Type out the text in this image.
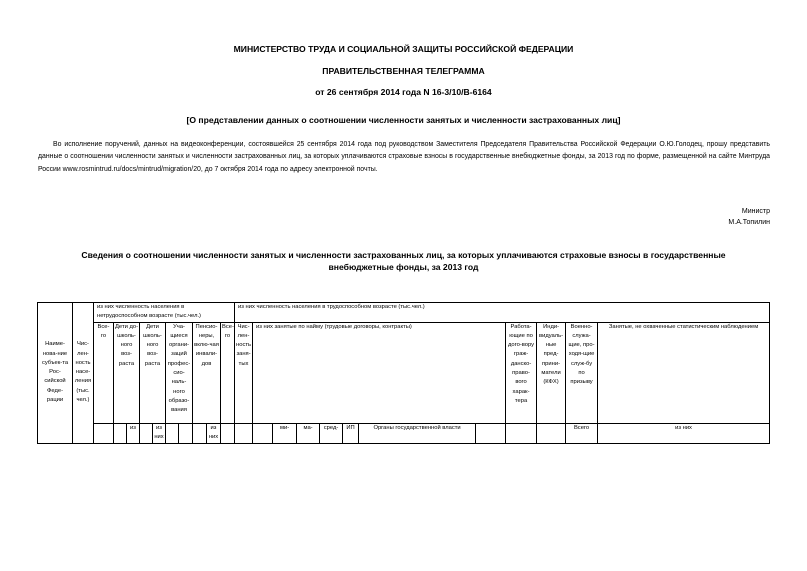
МИНИСТЕРСТВО ТРУДА И СОЦИАЛЬНОЙ ЗАЩИТЫ РОССИЙСКОЙ ФЕДЕРАЦИИ
ПРАВИТЕЛЬСТВЕННАЯ ТЕЛЕГРАММА
от 26 сентября 2014 года N 16-3/10/В-6164
[О представлении данных о соотношении численности занятых и численности застрахованных лиц]
Во исполнение поручений, данных на видеоконференции, состоявшейся 25 сентября 2014 года под руководством Заместителя Председателя Правительства Российской Федерации О.Ю.Голодец, прошу представить данные о соотношении численности занятых и численности застрахованных лиц, за которых уплачиваются страховые взносы в государственные внебюджетные фонды, за 2013 год по форме, размещенной на сайте Минтруда России www.rosmintrud.ru/docs/mintrud/migration/20, до 7 октября 2014 года по адресу электронной почты.
Министр
М.А.Топилин
Сведения о соотношении численности занятых и численности застрахованных лиц, за которых уплачиваются страховые взносы в государственные внебюджетные фонды, за 2013 год
Наиме-нова-ние субъек-та Рос-сийской Феде-рации	Чис-лен-ность насе-ления (тыс. чел.)	из них численность населения в нетрудоспособном возрасте (тыс.чел.)										из них численность населения в трудоспособном возрасте (тыс.чел.)											
		Все-го	Дети до-школь-ного воз-раста		Дети школь-ного воз-раста		Уча-щиеся органи-заций профес-сио-наль-ного образо-вания		Пенсио-неры, вклю-чая инвали-дов		Все-го	Чис-лен-ность заня-тых	из них занятые по найму (трудовые договоры, контракты)							Работа-ющие по дого-вору граж-данско-право-вого харак-тера	Инди-видуаль-ные пред-прини-матели (КФХ)	Военно-служа-щие, про-ходя-щие служ-бу по призыву	Занятые, не охваченные статистическим наблюдением
				из		из них				из них				ми-	ма-	сред-	ИП	Органы государственной власти				Всего	из них
